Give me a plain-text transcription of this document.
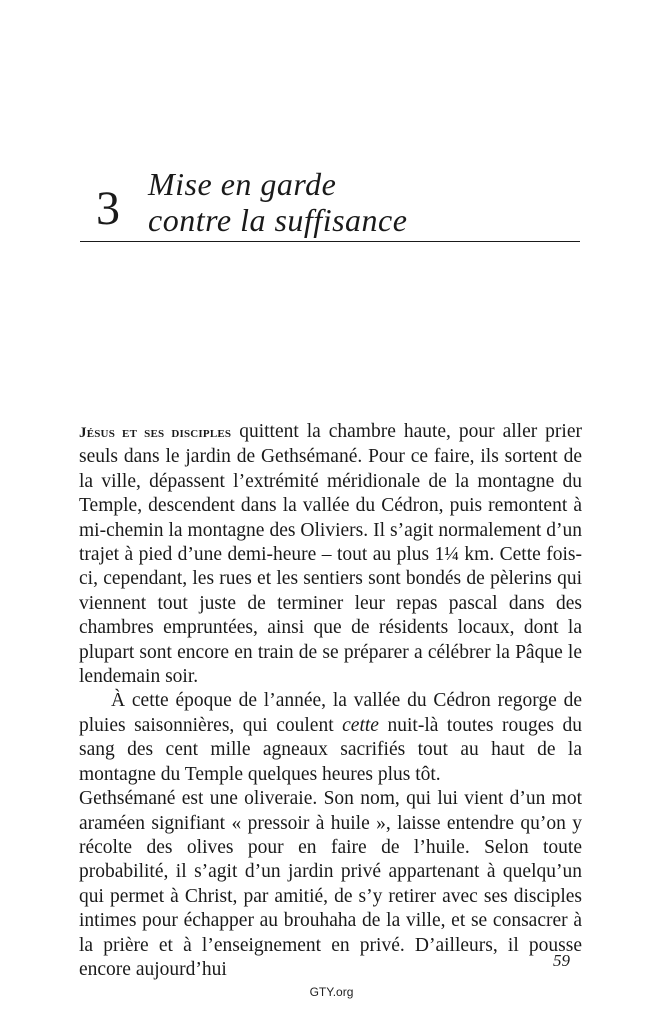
3 Mise en garde
contre la suffisance

Jésus et ses disciples quittent la chambre haute, pour aller prier seuls dans le jardin de Gethsémané. Pour ce faire, ils sortent de la ville, dépassent l’extrémité méridionale de la montagne du Temple, descendent dans la vallée du Cédron, puis remontent à mi-chemin la montagne des Oliviers. Il s’agit normalement d’un trajet à pied d’une demi-heure – tout au plus 1¼ km. Cette fois-ci, cependant, les rues et les sentiers sont bondés de pèlerins qui viennent tout juste de terminer leur repas pascal dans des chambres empruntées, ainsi que de résidents locaux, dont la plupart sont encore en train de se préparer a célébrer la Pâque le lendemain soir.

À cette époque de l’année, la vallée du Cédron regorge de pluies saisonnières, qui coulent cette nuit-là toutes rouges du sang des cent mille agneaux sacrifiés tout au haut de la montagne du Temple quelques heures plus tôt.

Gethsémané est une oliveraie. Son nom, qui lui vient d’un mot araméen signifiant « pressoir à huile », laisse entendre qu’on y récolte des olives pour en faire de l’huile. Selon toute probabilité, il s’agit d’un jardin privé appartenant à quelqu’un qui permet à Christ, par amitié, de s’y retirer avec ses disciples intimes pour échapper au brouhaha de la ville, et se consacrer à la prière et à l’enseignement en privé. D’ailleurs, il pousse encore aujourd’hui	59
GTY.org
